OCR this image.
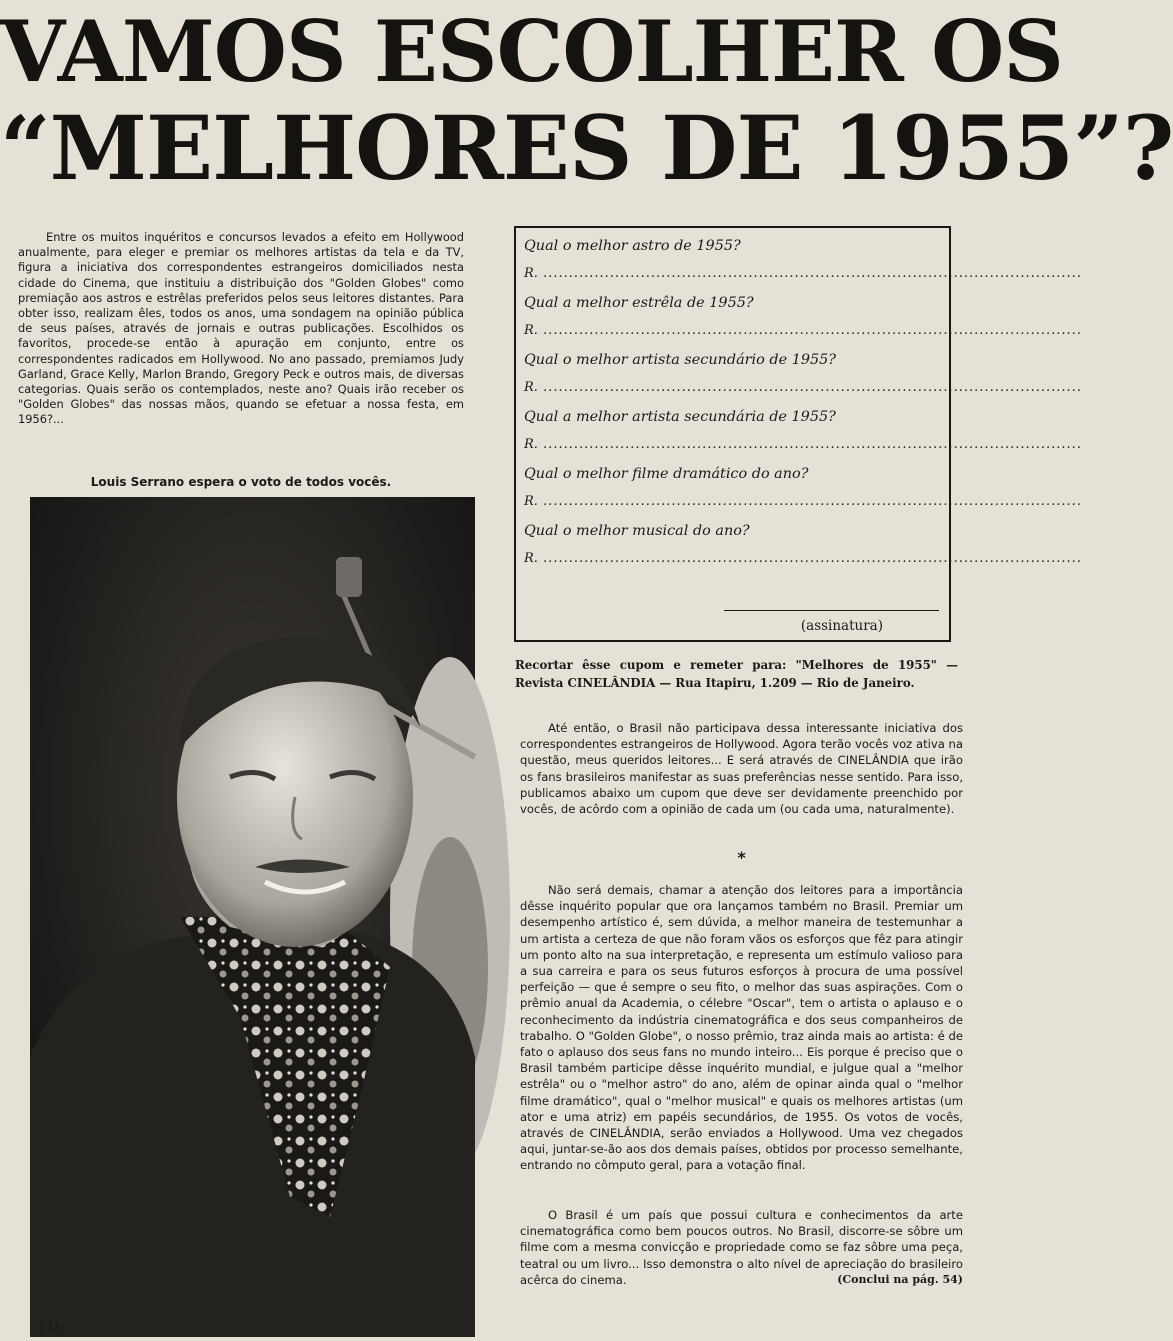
VAMOS ESCOLHER OS
“MELHORES DE 1955”?

Entre os muitos inquéritos e concursos levados a efeito em Hollywood anualmente, para eleger e premiar os melhores artistas da tela e da TV, figura a iniciativa dos correspondentes estrangeiros domiciliados nesta cidade do Cinema, que instituiu a distribuição dos "Golden Globes" como premiação aos astros e estrêlas preferidos pelos seus leitores distantes. Para obter isso, realizam êles, todos os anos, uma sondagem na opinião pública de seus países, através de jornais e outras publicações. Escolhidos os favoritos, procede-se então à apuração em conjunto, entre os correspondentes radicados em Hollywood. No ano passado, premiamos Judy Garland, Grace Kelly, Marlon Brando, Gregory Peck e outros mais, de diversas categorias. Quais serão os contemplados, neste ano? Quais irão receber os "Golden Globes" das nossas mãos, quando se efetuar a nossa festa, em 1956?...

Louis Serrano espera o voto de todos vocês.

Qual o melhor astro de 1955?

R. .....

Qual a melhor estrêla de 1955?

R. .....

Qual o melhor artista secundário de 1955?

R. .....

Qual a melhor artista secundária de 1955?

R. .....

Qual o melhor filme dramático do ano?

R. .....

Qual o melhor musical do ano?

R. .....

(assinatura)

Recortar êsse cupom e remeter para: "Melhores de 1955" — Revista CINELÂNDIA — Rua Itapiru, 1.209 — Rio de Janeiro.

Até então, o Brasil não participava dessa interessante iniciativa dos correspondentes estrangeiros de Hollywood. Agora terão vocês voz ativa na questão, meus queridos leitores... E será através de CINELÂNDIA que irão os fans brasileiros manifestar as suas preferências nesse sentido. Para isso, publicamos abaixo um cupom que deve ser devidamente preenchido por vocês, de acôrdo com a opinião de cada um (ou cada uma, naturalmente).

*

Não será demais, chamar a atenção dos leitores para a importância dêsse inquérito popular que ora lançamos também no Brasil. Premiar um desempenho artístico é, sem dúvida, a melhor maneira de testemunhar a um artista a certeza de que não foram vãos os esforços que fêz para atingir um ponto alto na sua interpretação, e representa um estímulo valioso para a sua carreira e para os seus futuros esforços à procura de uma possível perfeição — que é sempre o seu fito, o melhor das suas aspirações. Com o prêmio anual da Academia, o célebre "Oscar", tem o artista o aplauso e o reconhecimento da indústria cinematográfica e dos seus companheiros de trabalho. O "Golden Globe", o nosso prêmio, traz ainda mais ao artista: é de fato o aplauso dos seus fans no mundo inteiro... Eis porque é preciso que o Brasil também participe dêsse inquérito mundial, e julgue qual a "melhor estrêla" ou o "melhor astro" do ano, além de opinar ainda qual o "melhor filme dramático", qual o "melhor musical" e quais os melhores artistas (um ator e uma atriz) em papéis secundários, de 1955. Os votos de vocês, através de CINELÂNDIA, serão enviados a Hollywood. Uma vez chegados aqui, juntar-se-ão aos dos demais países, obtidos por processo semelhante, entrando no cômputo geral, para a votação final.

O Brasil é um país que possui cultura e conhecimentos da arte cinematográfica como bem poucos outros. No Brasil, discorre-se sôbre um filme com a mesma convicção e propriedade como se faz sôbre uma peça, teatral ou um livro... Isso demonstra o alto nível de apreciação do brasileiro acêrca do cinema.	(Conclui na pág. 54)

10
